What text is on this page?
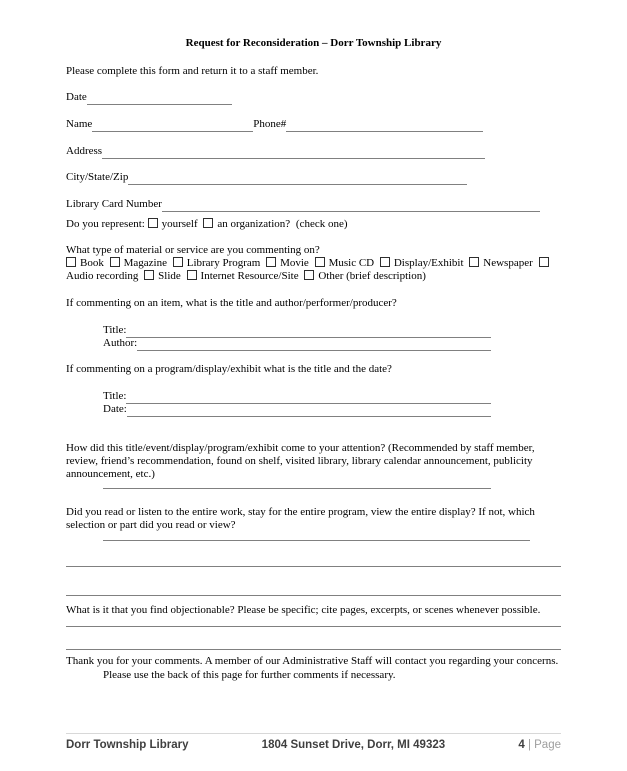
Request for Reconsideration – Dorr Township Library
Please complete this form and return it to a staff member.
Date
Name	Phone#
Address
City/State/Zip
Library Card Number
Do you represent: yourself an organization? (check one)
What type of material or service are you commenting on?
Book Magazine Library Program Movie Music CD Display/Exhibit Newspaper Audio recording Slide Internet Resource/Site Other (brief description)
If commenting on an item, what is the title and author/performer/producer?
Title:
Author:
If commenting on a program/display/exhibit what is the title and the date?
Title:
Date:
How did this title/event/display/program/exhibit come to your attention? (Recommended by staff member, review, friend’s recommendation, found on shelf, visited library, library calendar announcement, publicity announcement, etc.)
Did you read or listen to the entire work, stay for the entire program, view the entire display? If not, which selection or part did you read or view?
What is it that you find objectionable? Please be specific; cite pages, excerpts, or scenes whenever possible.
Thank you for your comments. A member of our Administrative Staff will contact you regarding your concerns.
Please use the back of this page for further comments if necessary.
Dorr Township Library	1804 Sunset Drive, Dorr, MI 49323	4 | Page
